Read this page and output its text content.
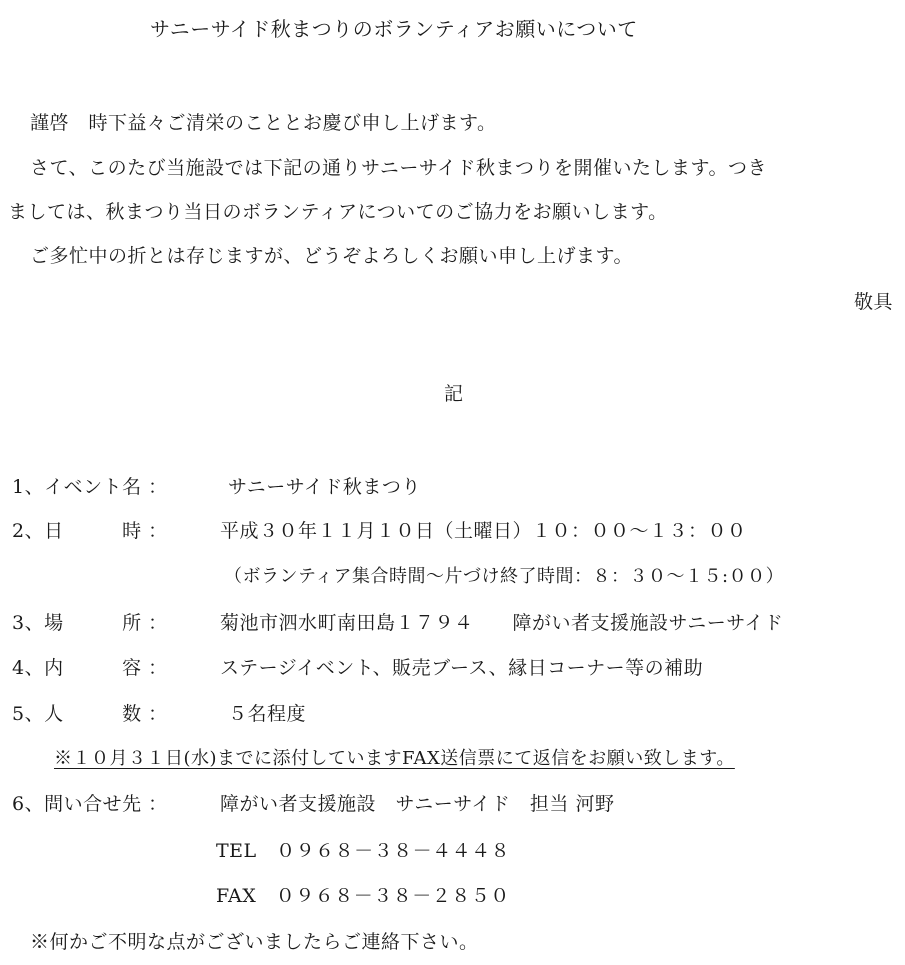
サニーサイド秋まつりのボランティアお願いについて
謹啓　時下益々ご清栄のこととお慶び申し上げます。
さて、このたび当施設では下記の通りサニーサイド秋まつりを開催いたします。つき
ましては、秋まつり当日のボランティアについてのご協力をお願いします。
ご多忙中の折とは存じますが、どうぞよろしくお願い申し上げます。
敬具
記
1、イベント名 ：	サニーサイド秋まつり
2、日　　　時 ：	平成３０年１１月１０日（土曜日）１０：００～１３：００
（ボランティア集合時間～片づけ終了時間：８：３０～１５:００）
3、場　　　所 ：	菊池市泗水町南田島１７９４　　障がい者支援施設サニーサイド
4、内　　　容 ：	ステージイベント、販売ブース、縁日コーナー等の補助
5、人　　　数 ：	５名程度
※１０月３１日(水)までに添付していますFAX送信票にて返信をお願い致します。
6、問い合せ先 ：	障がい者支援施設　サニーサイド　担当 河野
TEL　０９６８－３８－４４４８
FAX　０９６８－３８－２８５０
※何かご不明な点がございましたらご連絡下さい。
